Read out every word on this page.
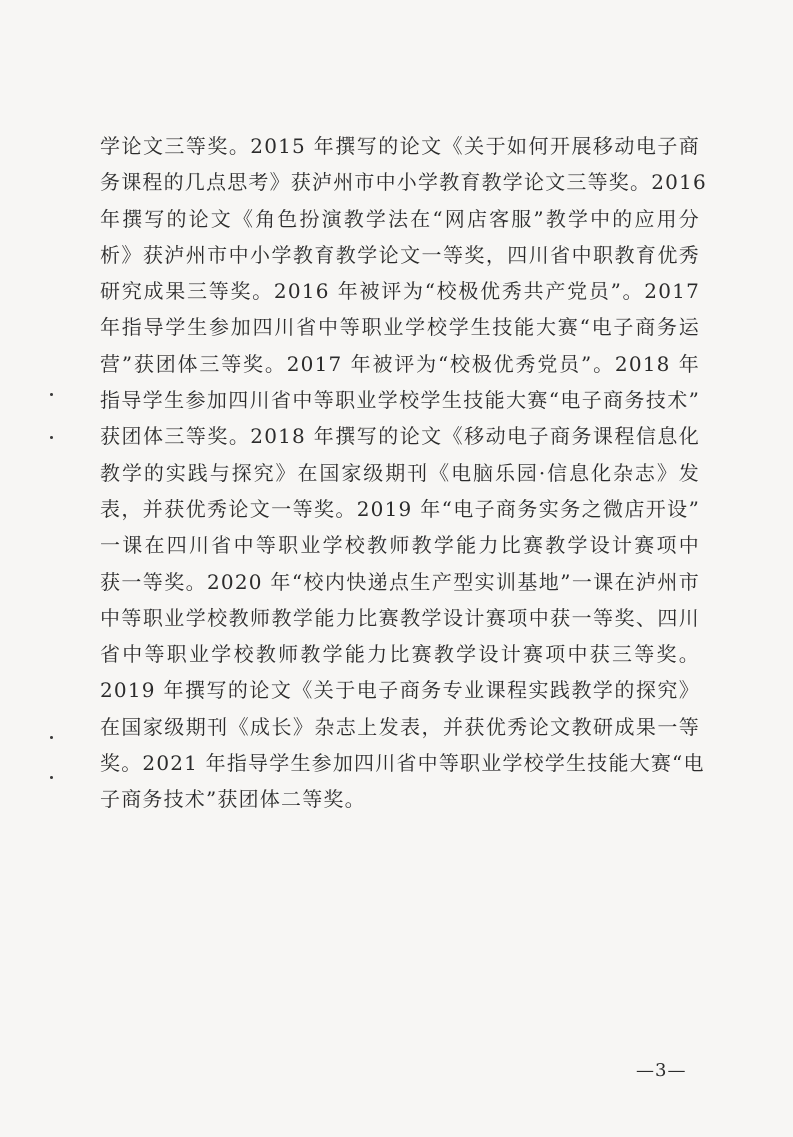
学论文三等奖。2015 年撰写的论文《关于如何开展移动电子商
务课程的几点思考》获泸州市中小学教育教学论文三等奖。2016
年撰写的论文《角色扮演教学法在“网店客服”教学中的应用分
析》获泸州市中小学教育教学论文一等奖，四川省中职教育优秀
研究成果三等奖。2016 年被评为“校极优秀共产党员”。2017
年指导学生参加四川省中等职业学校学生技能大赛“电子商务运
营”获团体三等奖。2017 年被评为“校极优秀党员”。2018 年
指导学生参加四川省中等职业学校学生技能大赛“电子商务技术”
获团体三等奖。2018 年撰写的论文《移动电子商务课程信息化
教学的实践与探究》在国家级期刊《电脑乐园·信息化杂志》发
表，并获优秀论文一等奖。2019 年“电子商务实务之微店开设”
一课在四川省中等职业学校教师教学能力比赛教学设计赛项中
获一等奖。2020 年“校内快递点生产型实训基地”一课在泸州市
中等职业学校教师教学能力比赛教学设计赛项中获一等奖、四川
省中等职业学校教师教学能力比赛教学设计赛项中获三等奖。
2019 年撰写的论文《关于电子商务专业课程实践教学的探究》
在国家级期刊《成长》杂志上发表，并获优秀论文教研成果一等
奖。2021 年指导学生参加四川省中等职业学校学生技能大赛“电
子商务技术”获团体二等奖。
—3—
